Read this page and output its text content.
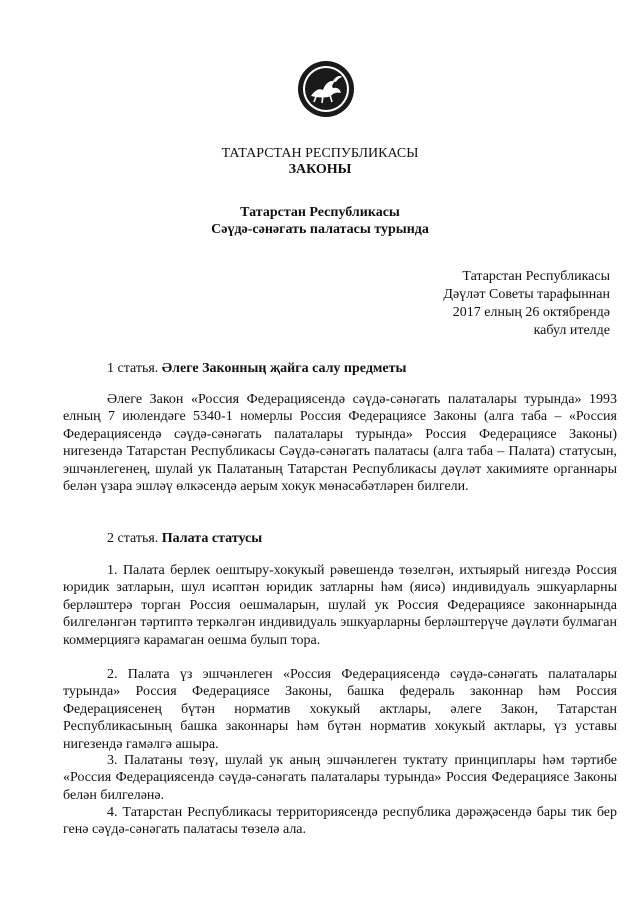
ТАТАРСТАН РЕСПУБЛИКАСЫ
ЗАКОНЫ
Татарстан Республикасы
Сәүдә-сәнәгать палатасы турында
Татарстан Республикасы
Дәүләт Советы тарафыннан
2017 елның 26 октябрендә
кабул ителде
1 статья. Әлеге Законның җайга салу предметы
Әлеге Закон «Россия Федерациясендә сәүдә-сәнәгать палаталары турында» 1993 елның 7 июлендәге 5340-1 номерлы Россия Федерациясе Законы (алга таба – «Россия Федерациясендә сәүдә-сәнәгать палаталары турында» Россия Федерациясе Законы) нигезендә Татарстан Республикасы Сәүдә-сәнәгать палатасы (алга таба – Палата) статусын, эшчәнлегенең, шулай ук Палатаның Татарстан Республикасы дәүләт хакимияте органнары белән үзара эшләү өлкәсендә аерым хокук мөнәсәбәтләрен билгели.
2 статья. Палата статусы
1. Палата берлек оештыру-хокукый рәвешендә төзелгән, ихтыярый нигездә Россия юридик затларын, шул исәптән юридик затларны һәм (яисә) индивидуаль эшкуарларны берләштерә торган Россия оешмаларын, шулай ук Россия Федерациясе законнарында билгеләнгән тәртиптә теркәлгән индивидуаль эшкуарларны берләштерүче дәүләти булмаган коммерциягә карамаган оешма булып тора.
2. Палата үз эшчәнлеген «Россия Федерациясендә сәүдә-сәнәгать палаталары турында» Россия Федерациясе Законы, башка федераль законнар һәм Россия Федерациясенең бүтән норматив хокукый актлары, әлеге Закон, Татарстан Республикасының башка законнары һәм бүтән норматив хокукый актлары, үз уставы нигезендә гамәлгә ашыра.
3. Палатаны төзү, шулай ук аның эшчәнлеген туктату принциплары һәм тәртибе «Россия Федерациясендә сәүдә-сәнәгать палаталары турында» Россия Федерациясе Законы белән билгеләнә.
4. Татарстан Республикасы территориясендә республика дәрәҗәсендә бары тик бер генә сәүдә-сәнәгать палатасы төзелә ала.
